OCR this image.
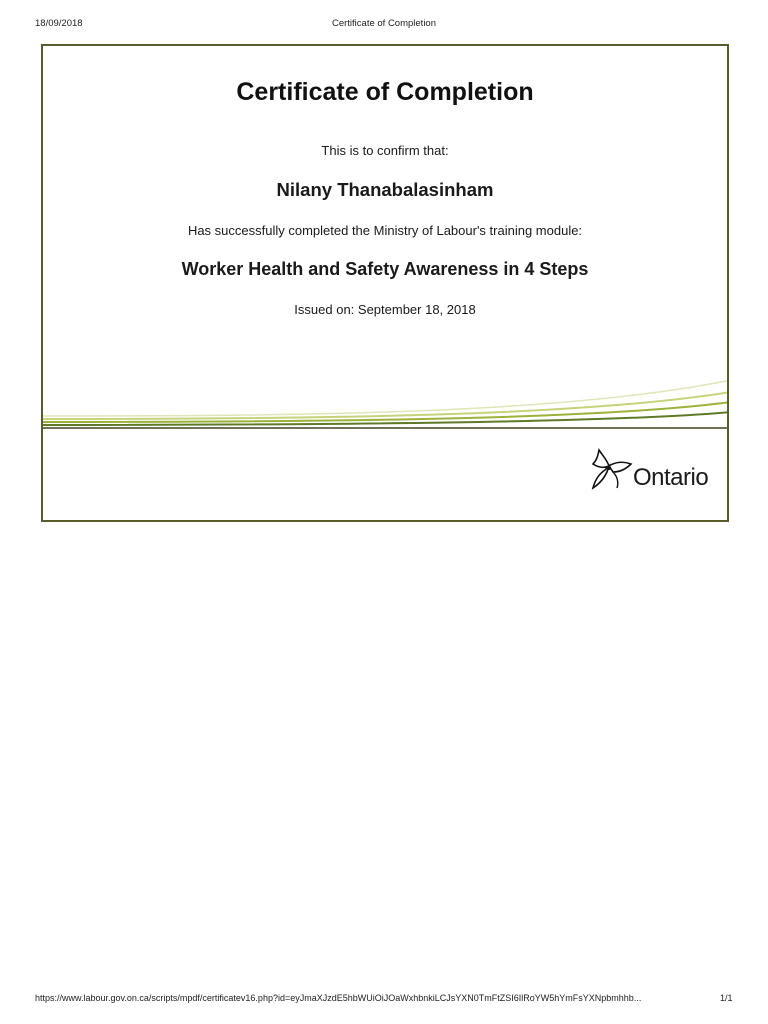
18/09/2018	Certificate of Completion
Certificate of Completion
This is to confirm that:
Nilany Thanabalasinham
Has successfully completed the Ministry of Labour's training module:
Worker Health and Safety Awareness in 4 Steps
Issued on: September 18, 2018
Ontario
https://www.labour.gov.on.ca/scripts/mpdf/certificatev16.php?id=eyJmaXJzdE5hbWUiOiJOaWxhbnkiLCJsYXN0TmFtZSI6IlRoYW5hYmFsYXNpbmhhb...	1/1
